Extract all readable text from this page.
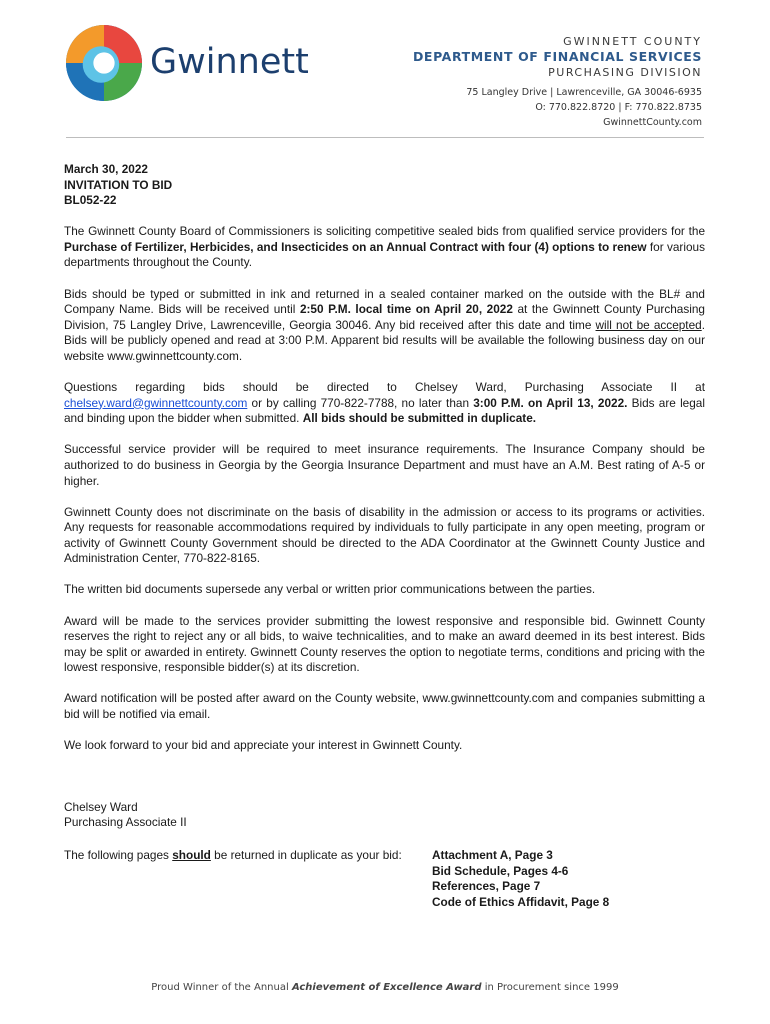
Gwinnett
GWINNETT COUNTY
DEPARTMENT OF FINANCIAL SERVICES
PURCHASING DIVISION
75 Langley Drive | Lawrenceville, GA 30046-6935
O: 770.822.8720 | F: 770.822.8735
GwinnettCounty.com
March 30, 2022
INVITATION TO BID
BL052-22

The Gwinnett County Board of Commissioners is soliciting competitive sealed bids from qualified service providers for the Purchase of Fertilizer, Herbicides, and Insecticides on an Annual Contract with four (4) options to renew for various departments throughout the County.

Bids should be typed or submitted in ink and returned in a sealed container marked on the outside with the BL# and Company Name. Bids will be received until 2:50 P.M. local time on April 20, 2022 at the Gwinnett County Purchasing Division, 75 Langley Drive, Lawrenceville, Georgia 30046. Any bid received after this date and time will not be accepted. Bids will be publicly opened and read at 3:00 P.M. Apparent bid results will be available the following business day on our website www.gwinnettcounty.com.

Questions regarding bids should be directed to Chelsey Ward, Purchasing Associate II at chelsey.ward@gwinnettcounty.com or by calling 770-822-7788, no later than 3:00 P.M. on April 13, 2022. Bids are legal and binding upon the bidder when submitted. All bids should be submitted in duplicate.

Successful service provider will be required to meet insurance requirements. The Insurance Company should be authorized to do business in Georgia by the Georgia Insurance Department and must have an A.M. Best rating of A-5 or higher.

Gwinnett County does not discriminate on the basis of disability in the admission or access to its programs or activities. Any requests for reasonable accommodations required by individuals to fully participate in any open meeting, program or activity of Gwinnett County Government should be directed to the ADA Coordinator at the Gwinnett County Justice and Administration Center, 770-822-8165.

The written bid documents supersede any verbal or written prior communications between the parties.

Award will be made to the services provider submitting the lowest responsive and responsible bid. Gwinnett County reserves the right to reject any or all bids, to waive technicalities, and to make an award deemed in its best interest. Bids may be split or awarded in entirety. Gwinnett County reserves the option to negotiate terms, conditions and pricing with the lowest responsive, responsible bidder(s) at its discretion.

Award notification will be posted after award on the County website, www.gwinnettcounty.com and companies submitting a bid will be notified via email.

We look forward to your bid and appreciate your interest in Gwinnett County.

Chelsey Ward
Purchasing Associate II
The following pages should be returned in duplicate as your bid:	Attachment A, Page 3
Bid Schedule, Pages 4-6
References, Page 7
Code of Ethics Affidavit, Page 8
Proud Winner of the Annual Achievement of Excellence Award in Procurement since 1999
